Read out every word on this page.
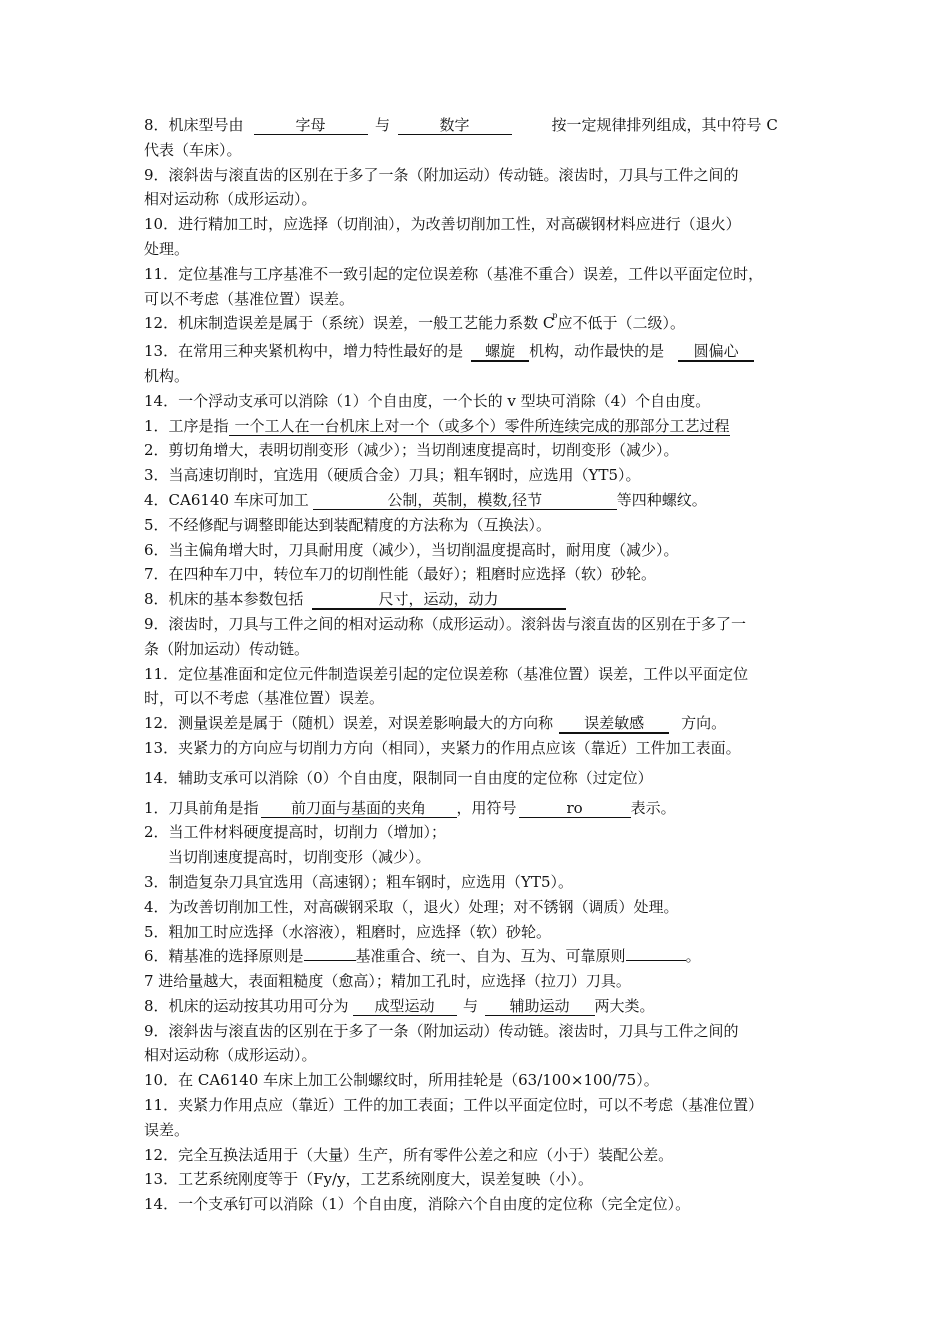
8．机床型号由	字母	与	数字	按一定规律排列组成，其中符号 C
代表（车床）。
9．滚斜齿与滚直齿的区别在于多了一条（附加运动）传动链。滚齿时，刀具与工件之间的
相对运动称（成形运动）。
10．进行精加工时，应选择（切削油），为改善切削加工性，对高碳钢材料应进行（退火）
处理。
11．定位基准与工序基准不一致引起的定位误差称（基准不重合）误差，工件以平面定位时，
可以不考虑（基准位置）误差。
12．机床制造误差是属于（系统）误差，一般工艺能力系数 $C^p$应不低于（二级）。
13．在常用三种夹紧机构中，增力特性最好的是 螺旋 机构，动作最快的是 圆偏心
机构。
14．一个浮动支承可以消除（1）个自由度，一个长的 v 型块可消除（4）个自由度。
1．工序是指 一个工人在一台机床上对一个（或多个）零件所连续完成的那部分工艺过程
2．剪切角增大，表明切削变形（减少）；当切削速度提高时，切削变形（减少）。
3．当高速切削时，宜选用（硬质合金）刀具；粗车钢时，应选用（YT5）。
4．CA6140 车床可加工	公制，英制，模数,径节	等四种螺纹。
5．不经修配与调整即能达到装配精度的方法称为（互换法）。
6．当主偏角增大时，刀具耐用度（减少），当切削温度提高时，耐用度（减少）。
7．在四种车刀中，转位车刀的切削性能（最好）；粗磨时应选择（软）砂轮。
8．机床的基本参数包括	尺寸，运动，动力
9．滚齿时，刀具与工件之间的相对运动称（成形运动）。滚斜齿与滚直齿的区别在于多了一
条（附加运动）传动链。
11．定位基准面和定位元件制造误差引起的定位误差称（基准位置）误差，工件以平面定位
时，可以不考虑（基准位置）误差。
12．测量误差是属于（随机）误差，对误差影响最大的方向称 误差敏感 方向。
13．夹紧力的方向应与切削力方向（相同），夹紧力的作用点应该（靠近）工件加工表面。
14．辅助支承可以消除（0）个自由度，限制同一自由度的定位称（过定位）
1．刀具前角是指 前刀面与基面的夹角 ，用符号	ro	表示。
2．当工件材料硬度提高时，切削力（增加）；
当切削速度提高时，切削变形（减少）。
3．制造复杂刀具宜选用（高速钢）；粗车钢时，应选用（YT5）。
4．为改善切削加工性，对高碳钢采取（，退火）处理；对不锈钢（调质）处理。
5．粗加工时应选择（水溶液），粗磨时，应选择（软）砂轮。
6．精基准的选择原则是	基准重合、统一、自为、互为、可靠原则	。
7 进给量越大，表面粗糙度（愈高）；精加工孔时，应选择（拉刀）刀具。
8．机床的运动按其功用可分为 成型运动 与 辅助运动 两大类。
9．滚斜齿与滚直齿的区别在于多了一条（附加运动）传动链。滚齿时，刀具与工件之间的
相对运动称（成形运动）。
10．在 CA6140 车床上加工公制螺纹时，所用挂轮是（63/100×100/75）。
11．夹紧力作用点应（靠近）工件的加工表面；工件以平面定位时，可以不考虑（基准位置）
误差。
12．完全互换法适用于（大量）生产，所有零件公差之和应（小于）装配公差。
13．工艺系统刚度等于（Fy/y，工艺系统刚度大，误差复映（小）。
14．一个支承钉可以消除（1）个自由度，消除六个自由度的定位称（完全定位）。
